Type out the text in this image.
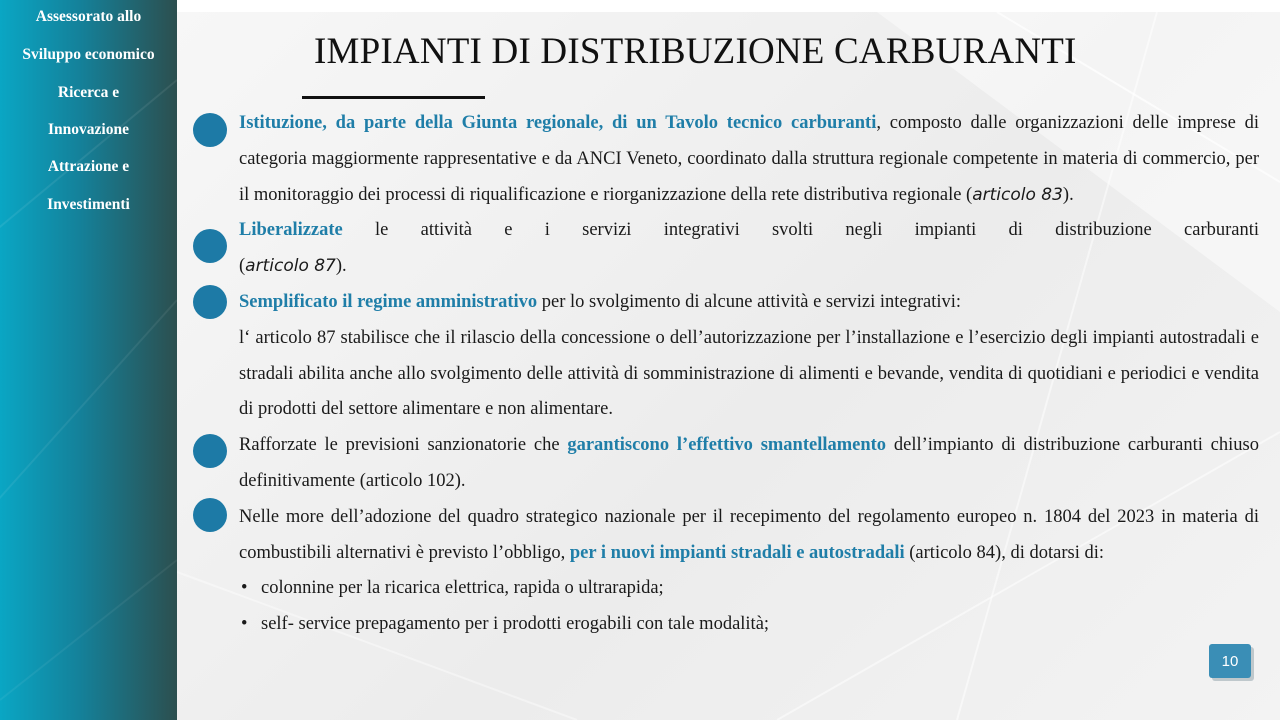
Assessorato allo
Sviluppo economico
Ricerca e
Innovazione
Attrazione e
Investimenti
IMPIANTI DI DISTRIBUZIONE CARBURANTI

Istituzione, da parte della Giunta regionale, di un Tavolo tecnico carburanti, composto dalle organizzazioni delle imprese di categoria maggiormente rappresentative e da ANCI Veneto, coordinato dalla struttura regionale competente in materia di commercio, per il monitoraggio dei processi di riqualificazione e riorganizzazione della rete distributiva regionale (articolo 83).

Liberalizzate le attività e i servizi integrativi svolti negli impianti di distribuzione carburanti

(articolo 87).

Semplificato il regime amministrativo per lo svolgimento di alcune attività e servizi integrativi:

l‘ articolo 87 stabilisce che il rilascio della concessione o dell’autorizzazione per l’installazione e l’esercizio degli impianti autostradali e stradali abilita anche allo svolgimento delle attività di somministrazione di alimenti e bevande, vendita di quotidiani e periodici e vendita di prodotti del settore alimentare e non alimentare.

Rafforzate le previsioni sanzionatorie che garantiscono l’effettivo smantellamento dell’impianto di distribuzione carburanti chiuso definitivamente (articolo 102).

Nelle more dell’adozione del quadro strategico nazionale per il recepimento del regolamento europeo n. 1804 del 2023 in materia di combustibili alternativi è previsto l’obbligo, per i nuovi impianti stradali e autostradali (articolo 84), di dotarsi di:

• colonnine per la ricarica elettrica, rapida o ultrarapida;

• self- service prepagamento per i prodotti erogabili con tale modalità;

10
